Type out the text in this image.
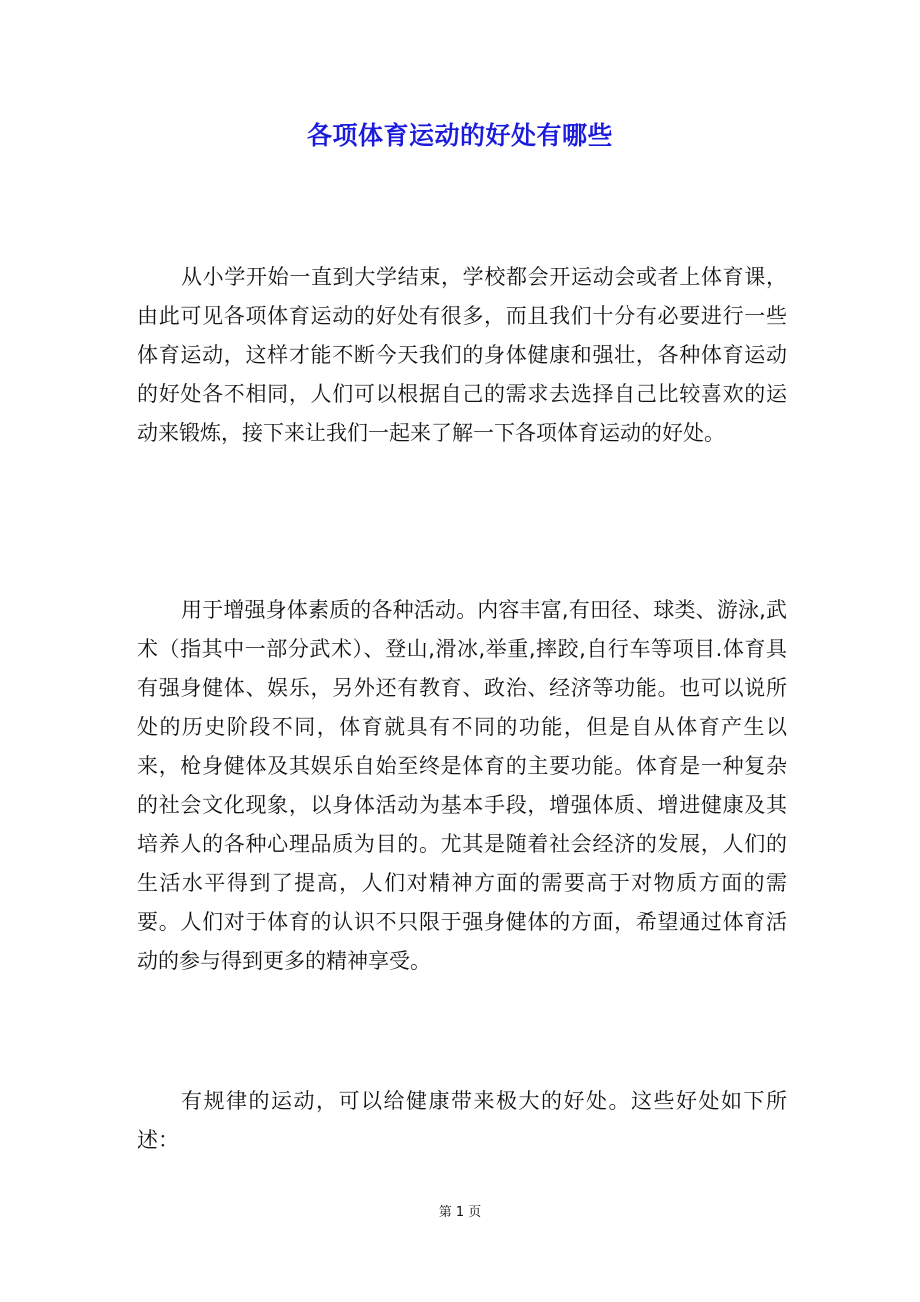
各项体育运动的好处有哪些

从小学开始一直到大学结束，学校都会开运动会或者上体育课，由此可见各项体育运动的好处有很多，而且我们十分有必要进行一些体育运动，这样才能不断今天我们的身体健康和强壮，各种体育运动的好处各不相同，人们可以根据自己的需求去选择自己比较喜欢的运动来锻炼，接下来让我们一起来了解一下各项体育运动的好处。

用于增强身体素质的各种活动。内容丰富,有田径、球类、游泳,武术（指其中一部分武术）、登山,滑冰,举重,摔跤,自行车等项目.体育具有强身健体、娱乐，另外还有教育、政治、经济等功能。也可以说所处的历史阶段不同，体育就具有不同的功能，但是自从体育产生以来，枪身健体及其娱乐自始至终是体育的主要功能。体育是一种复杂的社会文化现象，以身体活动为基本手段，增强体质、增进健康及其培养人的各种心理品质为目的。尤其是随着社会经济的发展，人们的生活水平得到了提高，人们对精神方面的需要高于对物质方面的需要。人们对于体育的认识不只限于强身健体的方面，希望通过体育活动的参与得到更多的精神享受。

有规律的运动，可以给健康带来极大的好处。这些好处如下所述：

第 1 页
